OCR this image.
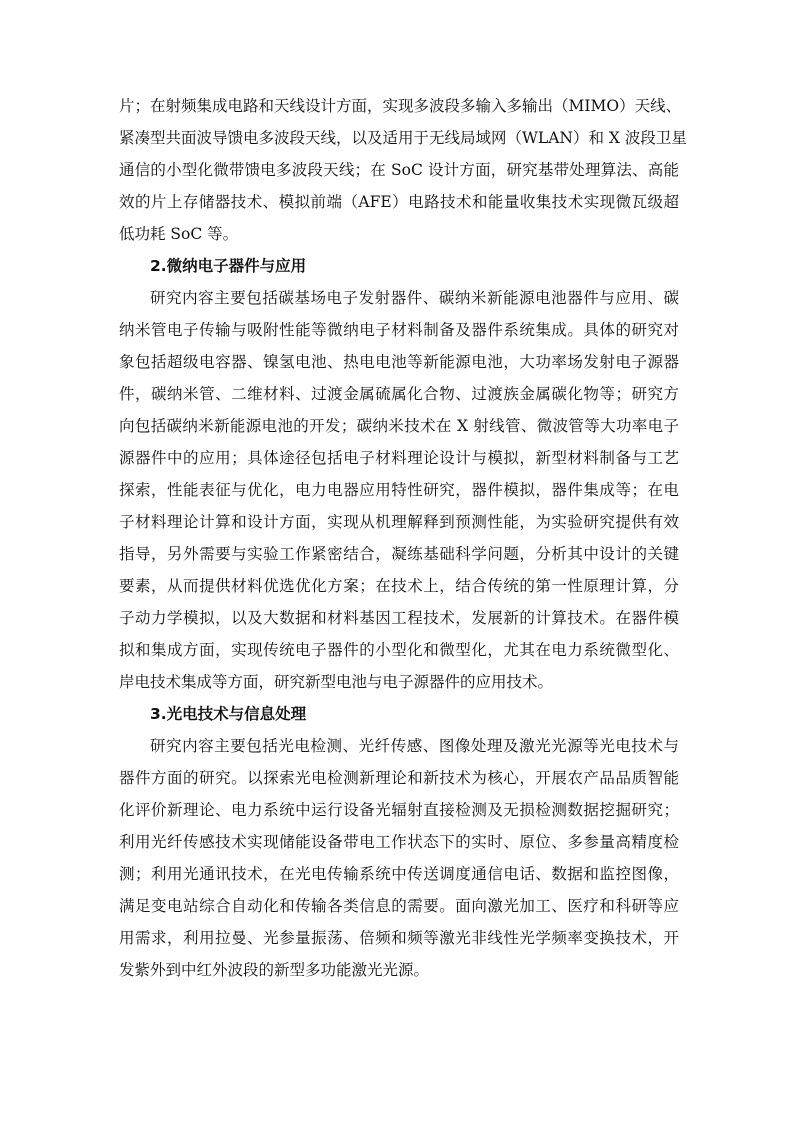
片；在射频集成电路和天线设计方面，实现多波段多输入多输出（MIMO）天线、
紧凑型共面波导馈电多波段天线，以及适用于无线局域网（WLAN）和 X 波段卫星
通信的小型化微带馈电多波段天线；在 SoC 设计方面，研究基带处理算法、高能
效的片上存储器技术、模拟前端（AFE）电路技术和能量收集技术实现微瓦级超
低功耗 SoC 等。
2.微纳电子器件与应用
研究内容主要包括碳基场电子发射器件、碳纳米新能源电池器件与应用、碳
纳米管电子传输与吸附性能等微纳电子材料制备及器件系统集成。具体的研究对
象包括超级电容器、镍氢电池、热电电池等新能源电池，大功率场发射电子源器
件，碳纳米管、二维材料、过渡金属硫属化合物、过渡族金属碳化物等；研究方
向包括碳纳米新能源电池的开发；碳纳米技术在 X 射线管、微波管等大功率电子
源器件中的应用；具体途径包括电子材料理论设计与模拟，新型材料制备与工艺
探索，性能表征与优化，电力电器应用特性研究，器件模拟，器件集成等；在电
子材料理论计算和设计方面，实现从机理解释到预测性能，为实验研究提供有效
指导，另外需要与实验工作紧密结合，凝练基础科学问题，分析其中设计的关键
要素，从而提供材料优选优化方案；在技术上，结合传统的第一性原理计算，分
子动力学模拟，以及大数据和材料基因工程技术，发展新的计算技术。在器件模
拟和集成方面，实现传统电子器件的小型化和微型化，尤其在电力系统微型化、
岸电技术集成等方面，研究新型电池与电子源器件的应用技术。
3.光电技术与信息处理
研究内容主要包括光电检测、光纤传感、图像处理及激光光源等光电技术与
器件方面的研究。以探索光电检测新理论和新技术为核心，开展农产品品质智能
化评价新理论、电力系统中运行设备光辐射直接检测及无损检测数据挖掘研究；
利用光纤传感技术实现储能设备带电工作状态下的实时、原位、多参量高精度检
测；利用光通讯技术，在光电传输系统中传送调度通信电话、数据和监控图像，
满足变电站综合自动化和传输各类信息的需要。面向激光加工、医疗和科研等应
用需求，利用拉曼、光参量振荡、倍频和频等激光非线性光学频率变换技术，开
发紫外到中红外波段的新型多功能激光光源。
